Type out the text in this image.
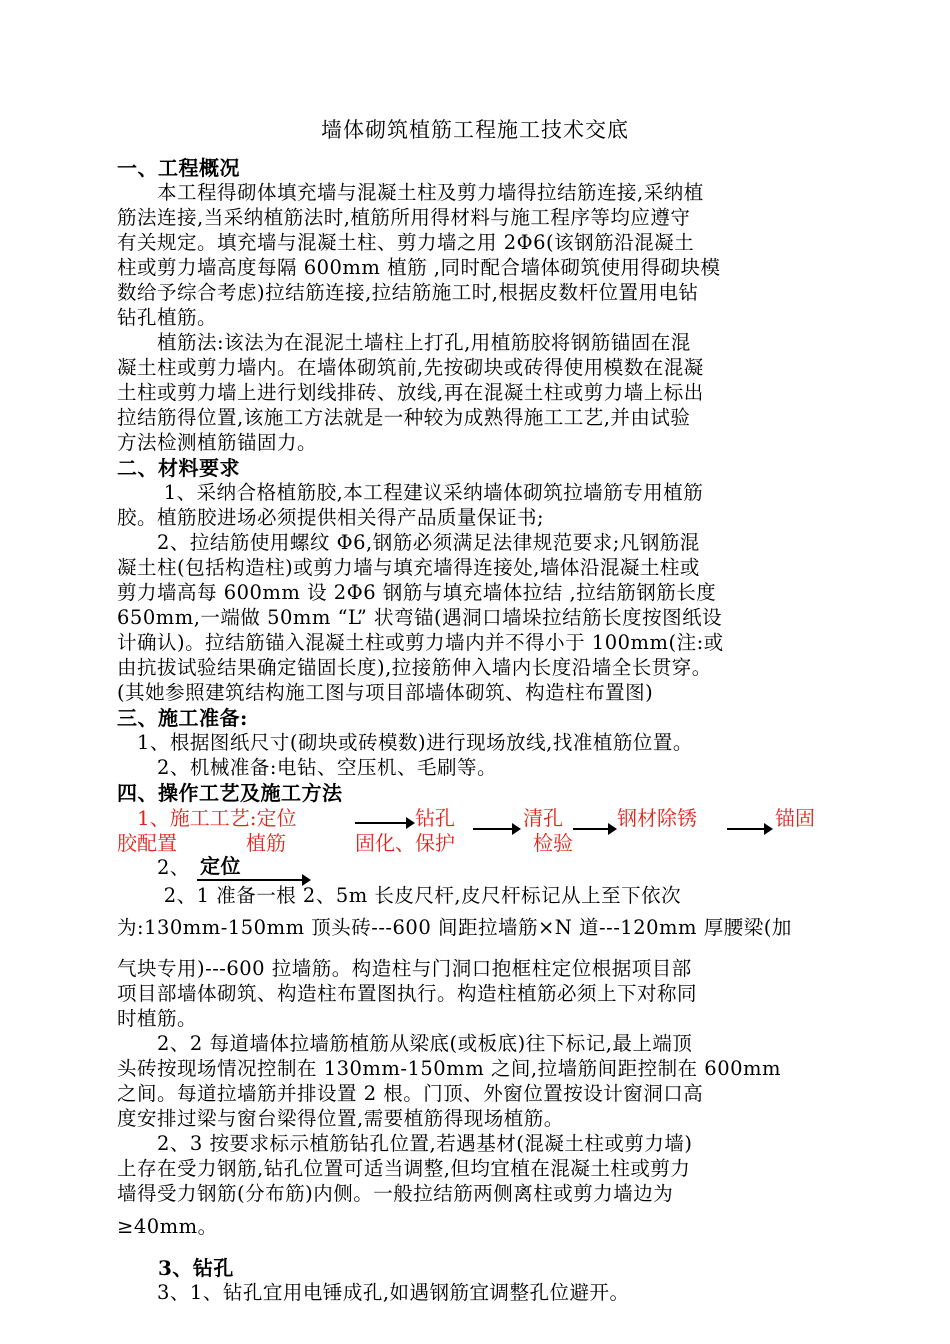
墙体砌筑植筋工程施工技术交底
一、工程概况
　　本工程得砌体填充墙与混凝土柱及剪力墙得拉结筋连接,采纳植
筋法连接,当采纳植筋法时,植筋所用得材料与施工程序等均应遵守
有关规定。填充墙与混凝土柱、剪力墙之用 2Φ6(该钢筋沿混凝土
柱或剪力墙高度每隔 600mm 植筋 ,同时配合墙体砌筑使用得砌块模
数给予综合考虑)拉结筋连接,拉结筋施工时,根据皮数杆位置用电钻
钻孔植筋。
　　植筋法:该法为在混泥土墙柱上打孔,用植筋胶将钢筋锚固在混
凝土柱或剪力墙内。在墙体砌筑前,先按砌块或砖得使用模数在混凝
土柱或剪力墙上进行划线排砖、放线,再在混凝土柱或剪力墙上标出
拉结筋得位置,该施工方法就是一种较为成熟得施工工艺,并由试验
方法检测植筋锚固力。
二、材料要求
　　 1、采纳合格植筋胶,本工程建议采纳墙体砌筑拉墙筋专用植筋
胶。植筋胶进场必须提供相关得产品质量保证书;
　　2、拉结筋使用螺纹 Φ6,钢筋必须满足法律规范要求;凡钢筋混
凝土柱(包括构造柱)或剪力墙与填充墙得连接处,墙体沿混凝土柱或
剪力墙高每 600mm 设 2Φ6 钢筋与填充墙体拉结 ,拉结筋钢筋长度
650mm,一端做 50mm “L” 状弯锚(遇洞口墙垛拉结筋长度按图纸设
计确认)。拉结筋锚入混凝土柱或剪力墙内并不得小于 100mm(注:或
由抗拔试验结果确定锚固长度),拉接筋伸入墙内长度沿墙全长贯穿。
(其她参照建筑结构施工图与项目部墙体砌筑、构造柱布置图)
三、施工准备:
　1、根据图纸尺寸(砌块或砖模数)进行现场放线,找准植筋位置。
　　2、机械准备:电钻、空压机、毛刷等。
四、操作工艺及施工方法
　1、施工工艺:定位	钻孔	清孔	钢材除锈	锚固
胶配置	植筋	固化、保护	检验
　　2、 定位
　　 2、1 准备一根 2、5m 长皮尺杆,皮尺杆标记从上至下依次
为:130mm-150mm 顶头砖---600 间距拉墙筋×N 道---120mm 厚腰梁(加
气块专用)---600 拉墙筋。构造柱与门洞口抱框柱定位根据项目部
项目部墙体砌筑、构造柱布置图执行。构造柱植筋必须上下对称同
时植筋。
　　2、2 每道墙体拉墙筋植筋从梁底(或板底)往下标记,最上端顶
头砖按现场情况控制在 130mm-150mm 之间,拉墙筋间距控制在 600mm
之间。每道拉墙筋并排设置 2 根。门顶、外窗位置按设计窗洞口高
度安排过梁与窗台梁得位置,需要植筋得现场植筋。
　　2、3 按要求标示植筋钻孔位置,若遇基材(混凝土柱或剪力墙)
上存在受力钢筋,钻孔位置可适当调整,但均宜植在混凝土柱或剪力
墙得受力钢筋(分布筋)内侧。一般拉结筋两侧离柱或剪力墙边为
≥40mm。
　　3、钻孔
　　3、1、钻孔宜用电锤成孔,如遇钢筋宜调整孔位避开。
